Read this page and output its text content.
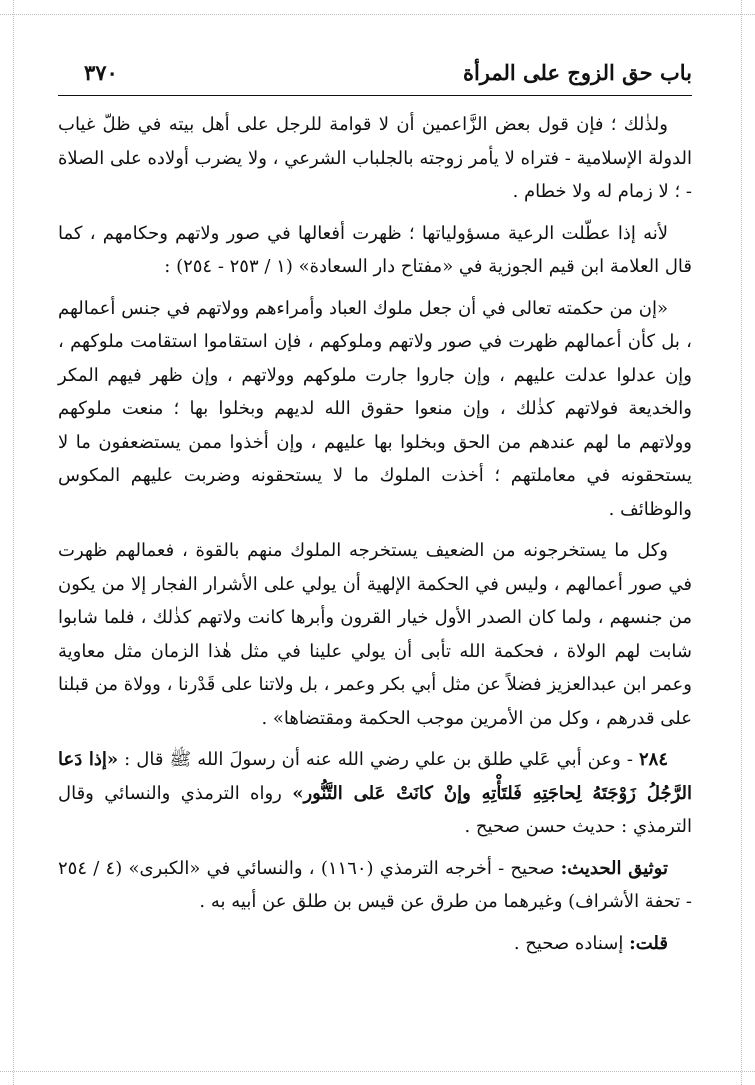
باب حق الزوج على المرأة
٣٧٠

ولذٰلك ؛ فإن قول بعض الزَّاعمين أن لا قوامة للرجل على أهل بيته في ظلّ غياب الدولة الإسلامية - فتراه لا يأمر زوجته بالجلباب الشرعي ، ولا يضرب أولاده على الصلاة - ؛ لا زمام له ولا خطام .

لأنه إذا عطّلت الرعية مسؤولياتها ؛ ظهرت أفعالها في صور ولاتهم وحكامهم ، كما قال العلامة ابن قيم الجوزية في «مفتاح دار السعادة» (١ / ٢٥٣ - ٢٥٤) :

«إن من حكمته تعالى في أن جعل ملوك العباد وأمراءهم وولاتهم في جنس أعمالهم ، بل كأن أعمالهم ظهرت في صور ولاتهم وملوكهم ، فإن استقاموا استقامت ملوكهم ، وإن عدلوا عدلت عليهم ، وإن جاروا جارت ملوكهم وولاتهم ، وإن ظهر فيهم المكر والخديعة فولاتهم كذٰلك ، وإن منعوا حقوق الله لديهم وبخلوا بها ؛ منعت ملوكهم وولاتهم ما لهم عندهم من الحق وبخلوا بها عليهم ، وإن أخذوا ممن يستضعفون ما لا يستحقونه في معاملتهم ؛ أخذت الملوك ما لا يستحقونه وضربت عليهم المكوس والوظائف .

وكل ما يستخرجونه من الضعيف يستخرجه الملوك منهم بالقوة ، فعمالهم ظهرت في صور أعمالهم ، وليس في الحكمة الإلهية أن يولي على الأشرار الفجار إلا من يكون من جنسهم ، ولما كان الصدر الأول خيار القرون وأبرها كانت ولاتهم كذٰلك ، فلما شابوا شابت لهم الولاة ، فحكمة الله تأبى أن يولي علينا في مثل هٰذا الزمان مثل معاوية وعمر ابن عبدالعزيز فضلاً عن مثل أبي بكر وعمر ، بل ولاتنا على قَدْرنا ، وولاة من قبلنا على قدرهم ، وكل من الأمرين موجب الحكمة ومقتضاها» .

٢٨٤ - وعن أبي عَلي طلق بن علي رضي الله عنه أن رسولَ الله ﷺ قال : «إذا دَعا الرَّجُلُ زَوْجَتَهُ لِحاجَتِهِ فَلتَأْتِهِ وإنْ كانَتْ عَلى التَّنُّور» رواه الترمذي والنسائي وقال الترمذي : حديث حسن صحيح .

توثيق الحديث: صحيح - أخرجه الترمذي (١١٦٠) ، والنسائي في «الكبرى» (٤ / ٢٥٤ - تحفة الأشراف) وغيرهما من طرق عن قيس بن طلق عن أبيه به .

قلت: إسناده صحيح .
